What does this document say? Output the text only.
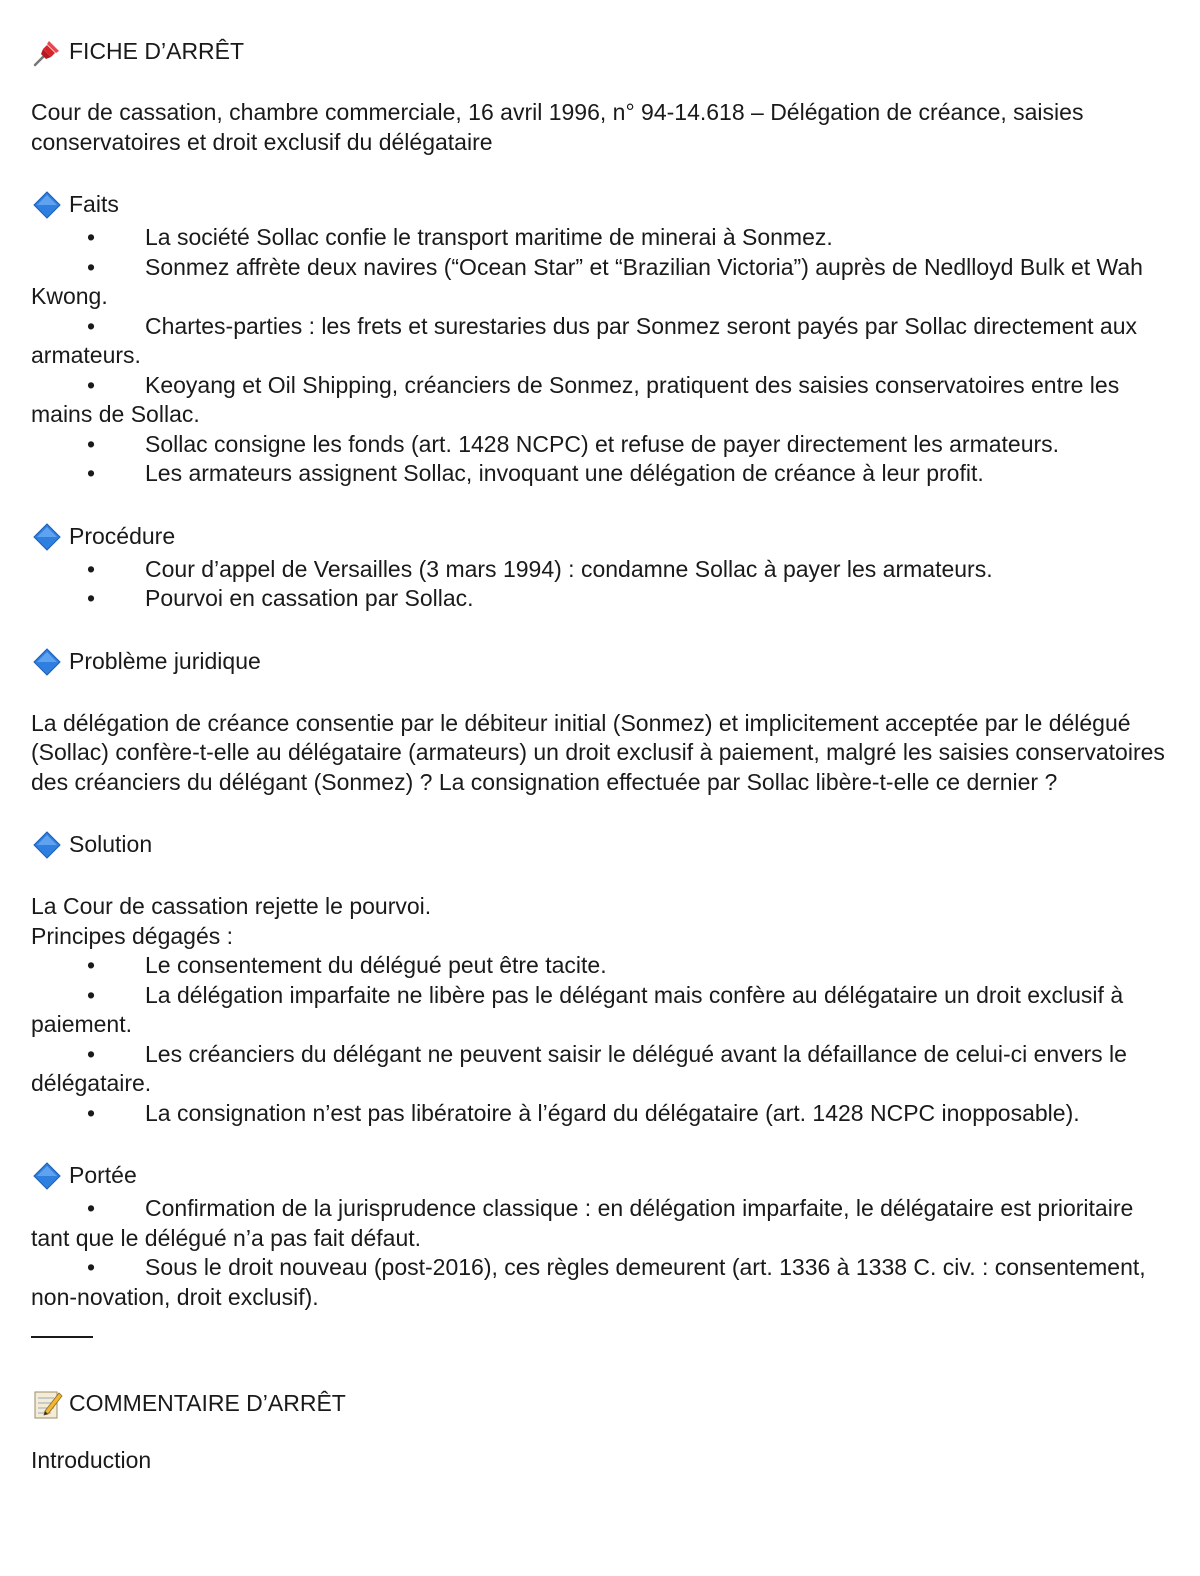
FICHE D’ARRÊT

Cour de cassation, chambre commerciale, 16 avril 1996, n° 94-14.618 – Délégation de créance, saisies conservatoires et droit exclusif du délégataire

Faits

• La société Sollac confie le transport maritime de minerai à Sonmez.

• Sonmez affrète deux navires (“Ocean Star” et “Brazilian Victoria”) auprès de Nedlloyd Bulk et Wah Kwong.

• Chartes-parties : les frets et surestaries dus par Sonmez seront payés par Sollac directement aux armateurs.

• Keoyang et Oil Shipping, créanciers de Sonmez, pratiquent des saisies conservatoires entre les mains de Sollac.

• Sollac consigne les fonds (art. 1428 NCPC) et refuse de payer directement les armateurs.

• Les armateurs assignent Sollac, invoquant une délégation de créance à leur profit.

Procédure

• Cour d’appel de Versailles (3 mars 1994) : condamne Sollac à payer les armateurs.

• Pourvoi en cassation par Sollac.

Problème juridique

La délégation de créance consentie par le débiteur initial (Sonmez) et implicitement acceptée par le délégué (Sollac) confère-t-elle au délégataire (armateurs) un droit exclusif à paiement, malgré les saisies conservatoires des créanciers du délégant (Sonmez) ? La consignation effectuée par Sollac libère-t-elle ce dernier ?

Solution

La Cour de cassation rejette le pourvoi.

Principes dégagés :

• Le consentement du délégué peut être tacite.

• La délégation imparfaite ne libère pas le délégant mais confère au délégataire un droit exclusif à paiement.

• Les créanciers du délégant ne peuvent saisir le délégué avant la défaillance de celui-ci envers le délégataire.

• La consignation n’est pas libératoire à l’égard du délégataire (art. 1428 NCPC inopposable).

Portée

• Confirmation de la jurisprudence classique : en délégation imparfaite, le délégataire est prioritaire tant que le délégué n’a pas fait défaut.

• Sous le droit nouveau (post-2016), ces règles demeurent (art. 1336 à 1338 C. civ. : consentement, non-novation, droit exclusif).

COMMENTAIRE D’ARRÊT

Introduction
